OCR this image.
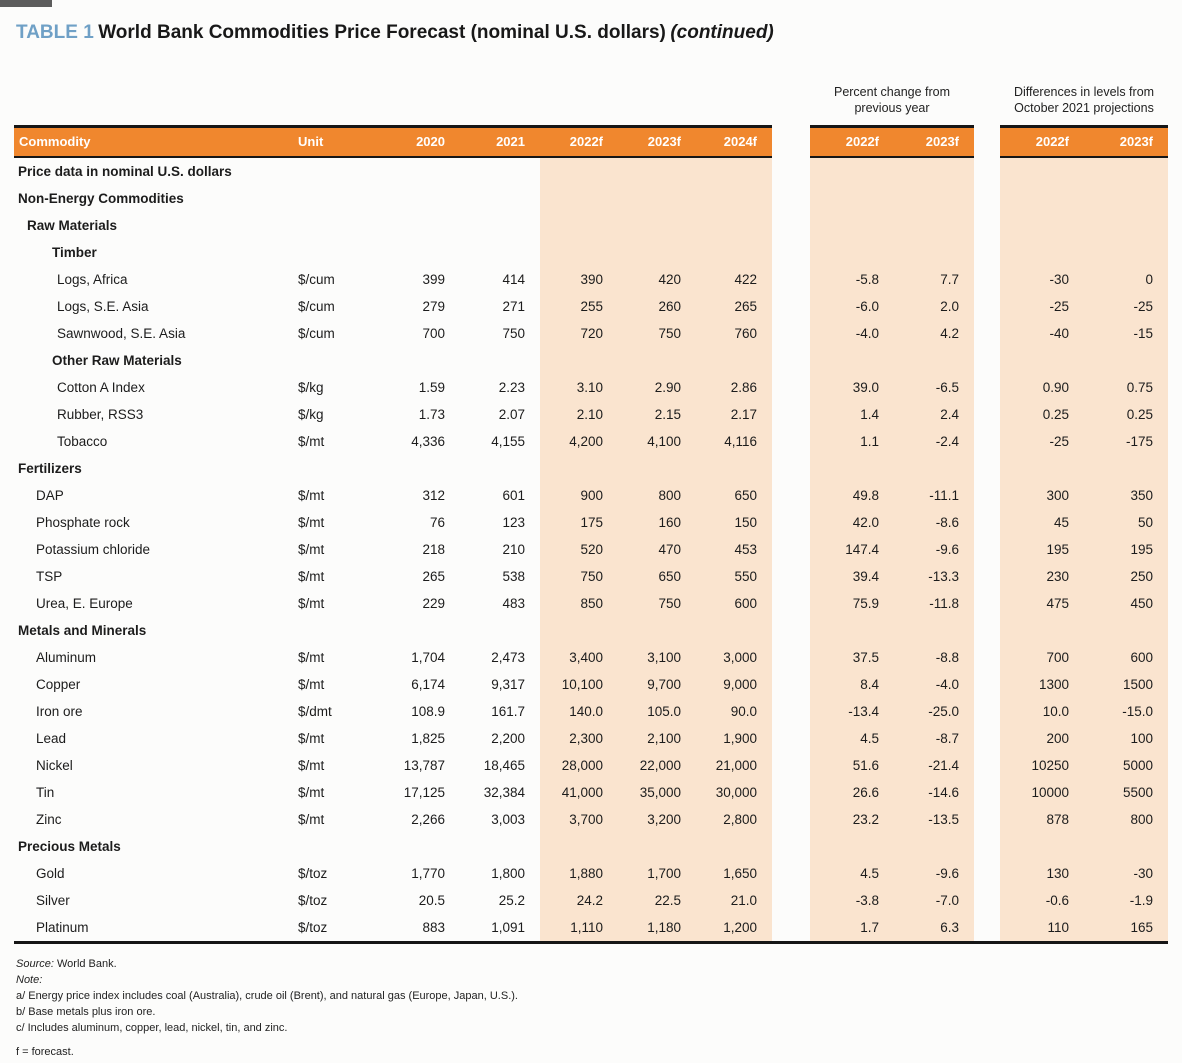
TABLE 1 World Bank Commodities Price Forecast (nominal U.S. dollars) (continued)
								Percent change from previous year			Differences in levels from October 2021 projections	
Commodity	Unit	2020	2021	2022f	2023f	2024f		2022f	2023f		2022f	2023f
Price data in nominal U.S. dollars												
Non-Energy Commodities												
Raw Materials												
Timber												
Logs, Africa	$/cum	399	414	390	420	422		-5.8	7.7		-30	0
Logs, S.E. Asia	$/cum	279	271	255	260	265		-6.0	2.0		-25	-25
Sawnwood, S.E. Asia	$/cum	700	750	720	750	760		-4.0	4.2		-40	-15
Other Raw Materials												
Cotton A Index	$/kg	1.59	2.23	3.10	2.90	2.86		39.0	-6.5		0.90	0.75
Rubber, RSS3	$/kg	1.73	2.07	2.10	2.15	2.17		1.4	2.4		0.25	0.25
Tobacco	$/mt	4,336	4,155	4,200	4,100	4,116		1.1	-2.4		-25	-175
Fertilizers												
DAP	$/mt	312	601	900	800	650		49.8	-11.1		300	350
Phosphate rock	$/mt	76	123	175	160	150		42.0	-8.6		45	50
Potassium chloride	$/mt	218	210	520	470	453		147.4	-9.6		195	195
TSP	$/mt	265	538	750	650	550		39.4	-13.3		230	250
Urea, E. Europe	$/mt	229	483	850	750	600		75.9	-11.8		475	450
Metals and Minerals												
Aluminum	$/mt	1,704	2,473	3,400	3,100	3,000		37.5	-8.8		700	600
Copper	$/mt	6,174	9,317	10,100	9,700	9,000		8.4	-4.0		1300	1500
Iron ore	$/dmt	108.9	161.7	140.0	105.0	90.0		-13.4	-25.0		10.0	-15.0
Lead	$/mt	1,825	2,200	2,300	2,100	1,900		4.5	-8.7		200	100
Nickel	$/mt	13,787	18,465	28,000	22,000	21,000		51.6	-21.4		10250	5000
Tin	$/mt	17,125	32,384	41,000	35,000	30,000		26.6	-14.6		10000	5500
Zinc	$/mt	2,266	3,003	3,700	3,200	2,800		23.2	-13.5		878	800
Precious Metals												
Gold	$/toz	1,770	1,800	1,880	1,700	1,650		4.5	-9.6		130	-30
Silver	$/toz	20.5	25.2	24.2	22.5	21.0		-3.8	-7.0		-0.6	-1.9
Platinum	$/toz	883	1,091	1,110	1,180	1,200		1.7	6.3		110	165
Source: World Bank.
Note:
a/ Energy price index includes coal (Australia), crude oil (Brent), and natural gas (Europe, Japan, U.S.).
b/ Base metals plus iron ore.
c/ Includes aluminum, copper, lead, nickel, tin, and zinc.
f = forecast.
